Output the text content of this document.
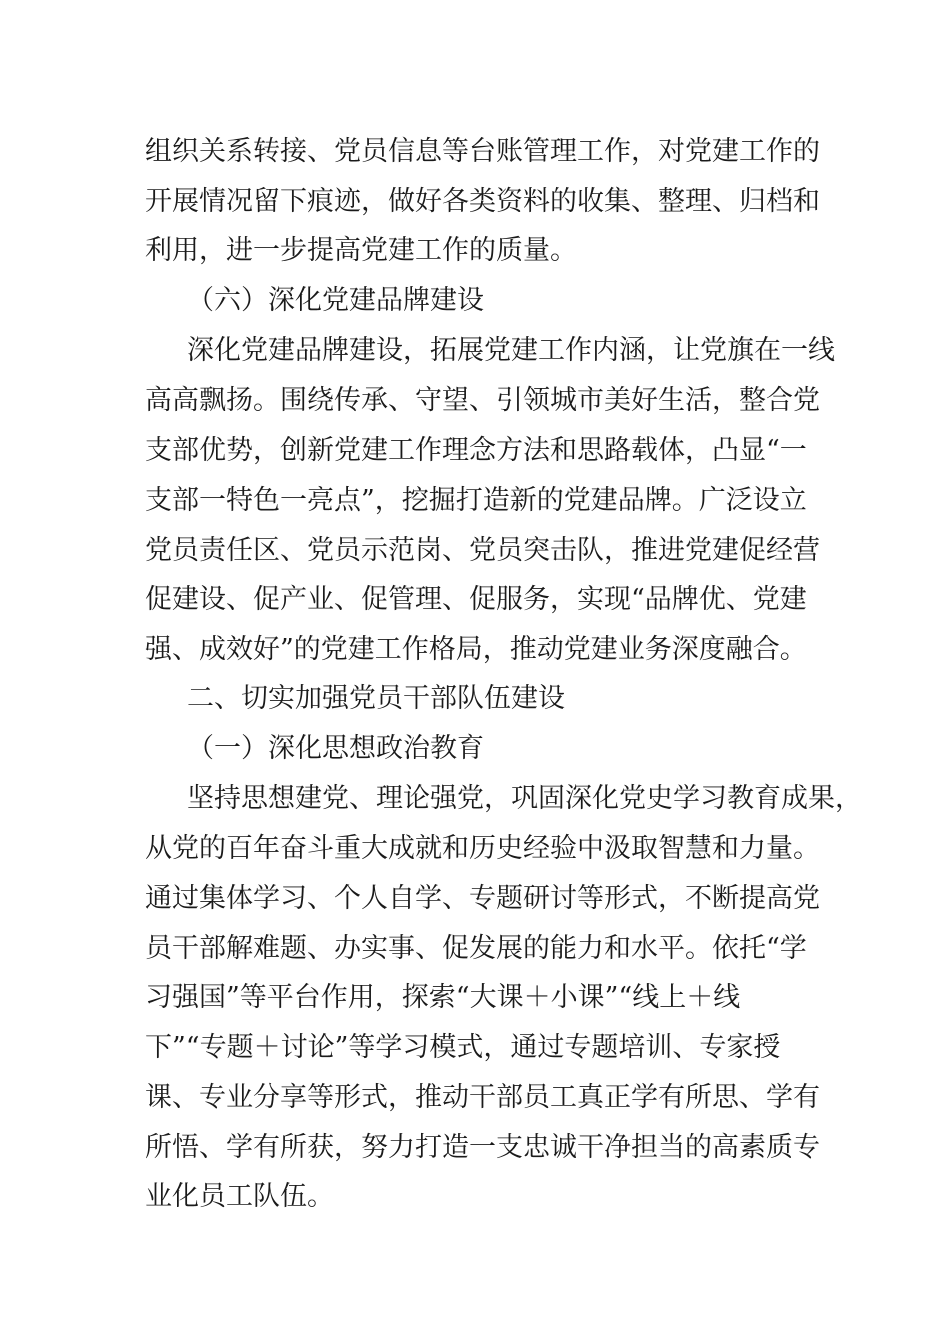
组织关系转接、党员信息等台账管理工作，对党建工作的
开展情况留下痕迹，做好各类资料的收集、整理、归档和
利用，进一步提高党建工作的质量。
（六）深化党建品牌建设
深化党建品牌建设，拓展党建工作内涵，让党旗在一线
高高飘扬。围绕传承、守望、引领城市美好生活，整合党
支部优势，创新党建工作理念方法和思路载体，凸显“一
支部一特色一亮点”，挖掘打造新的党建品牌。广泛设立
党员责任区、党员示范岗、党员突击队，推进党建促经营
促建设、促产业、促管理、促服务，实现“品牌优、党建
强、成效好”的党建工作格局，推动党建业务深度融合。
二、切实加强党员干部队伍建设
（一）深化思想政治教育
坚持思想建党、理论强党，巩固深化党史学习教育成果，
从党的百年奋斗重大成就和历史经验中汲取智慧和力量。
通过集体学习、个人自学、专题研讨等形式，不断提高党
员干部解难题、办实事、促发展的能力和水平。依托“学
习强国”等平台作用，探索“大课＋小课”“线上＋线
下”“专题＋讨论”等学习模式，通过专题培训、专家授
课、专业分享等形式，推动干部员工真正学有所思、学有
所悟、学有所获，努力打造一支忠诚干净担当的高素质专
业化员工队伍。
